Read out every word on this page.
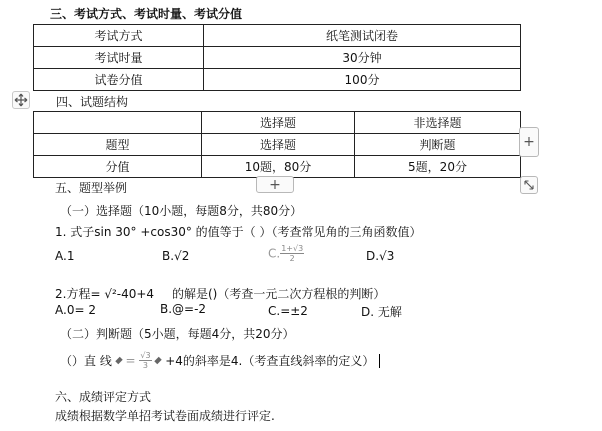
三、考试方式、考试时量、考试分值
考试方式	纸笔测试闭卷
考试时量	30分钟
试卷分值	100分
四、试题结构
	选择题	非选择题
题型	选择题	判断题
分值	10题，80分	5题，20分
+
+
五、题型举例
（一）选择题（10小题，每题8分，共80分）
1. 式子sin 30° +cos30° 的值等于（ ）（考查常见角的三角函数值）
A.1	B.√2	C. $\frac{1+√3}{2}$	D.√3
2.方程= √²-40+4 的解是()（考查一元二次方程根的判断）
A.0= 2	B.@=-2	C.=±2	D. 无解
（二）判断题（5小题，每题4分，共20分）
（）直 线 = $\frac{√3}{3} +4$的斜率是4.（考查直线斜率的定义）
六、成绩评定方式
成绩根据数学单招考试卷面成绩进行评定.
